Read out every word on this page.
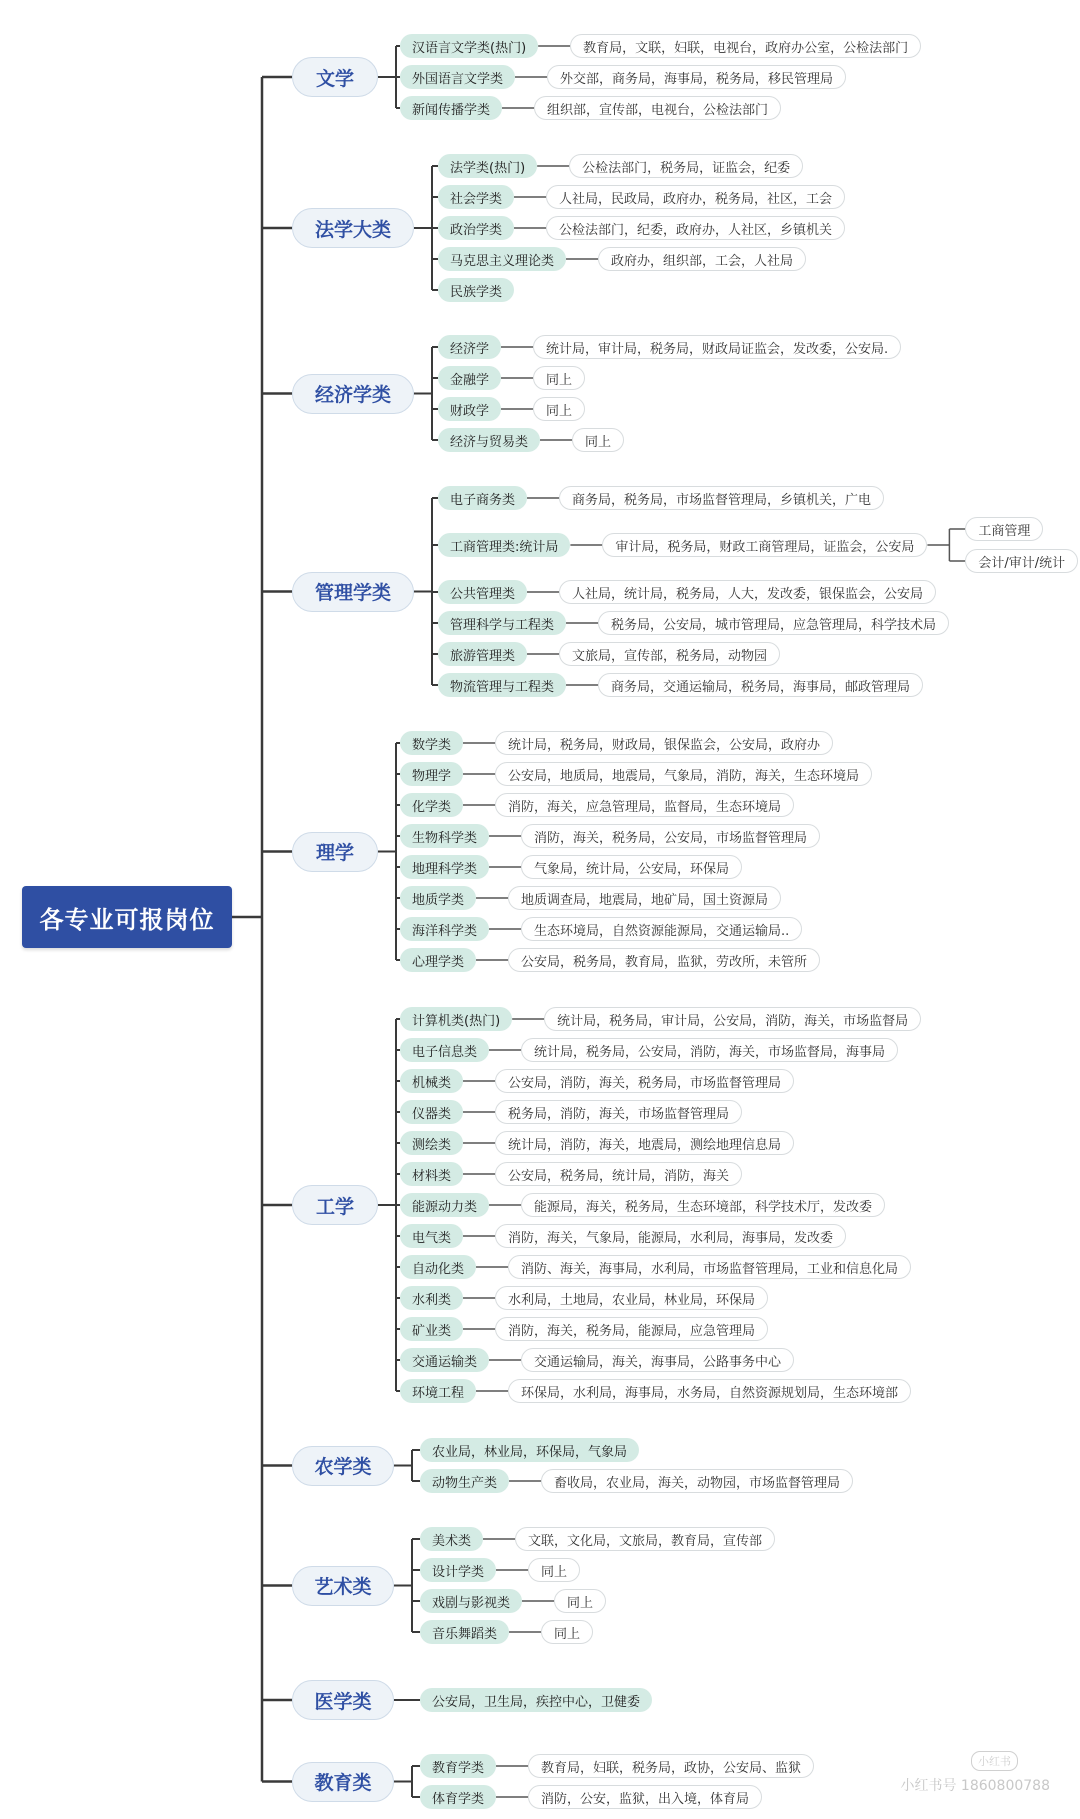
各专业可报岗位
文学
汉语言文学类(热门)	教育局，文联，妇联，电视台，政府办公室，公检法部门
外国语言文学类	外交部，商务局，海事局，税务局，移民管理局
新闻传播学类	组织部，宣传部，电视台，公检法部门
法学大类
法学类(热门)	公检法部门，税务局，证监会，纪委
社会学类	人社局，民政局，政府办，税务局，社区，工会
政治学类	公检法部门，纪委，政府办，人社区，乡镇机关
马克思主义理论类	政府办，组织部，工会，人社局
民族学类
经济学类
经济学	统计局，审计局，税务局，财政局证监会，发改委，公安局.
金融学	同上
财政学	同上
经济与贸易类	同上
管理学类
电子商务类	商务局，税务局，市场监督管理局，乡镇机关，广电
工商管理类:统计局	审计局，税务局，财政工商管理局，证监会，公安局
工商管理
会计/审计/统计
公共管理类	人社局，统计局，税务局，人大，发改委，银保监会，公安局
管理科学与工程类	税务局，公安局，城市管理局，应急管理局，科学技术局
旅游管理类	文旅局，宣传部，税务局，动物园
物流管理与工程类	商务局，交通运输局，税务局，海事局，邮政管理局
理学
数学类	统计局，税务局，财政局，银保监会，公安局，政府办
物理学	公安局，地质局，地震局，气象局，消防，海关，生态环境局
化学类	消防，海关，应急管理局，监督局，生态环境局
生物科学类	消防，海关，税务局，公安局，市场监督管理局
地理科学类	气象局，统计局，公安局，环保局
地质学类	地质调查局，地震局，地矿局，国土资源局
海洋科学类	生态环境局，自然资源能源局，交通运输局..
心理学类	公安局，税务局，教育局，监狱，劳改所，未管所
工学
计算机类(热门)	统计局，税务局，审计局，公安局，消防，海关，市场监督局
电子信息类	统计局，税务局，公安局，消防，海关，市场监督局，海事局
机械类	公安局，消防，海关，税务局，市场监督管理局
仪器类	税务局，消防，海关，市场监督管理局
测绘类	统计局，消防，海关，地震局，测绘地理信息局
材料类	公安局，税务局，统计局，消防，海关
能源动力类	能源局，海关，税务局，生态环境部，科学技术厅，发改委
电气类	消防，海关，气象局，能源局，水利局，海事局，发改委
自动化类	消防、海关，海事局，水利局，市场监督管理局，工业和信息化局
水利类	水利局，土地局，农业局，林业局，环保局
矿业类	消防，海关，税务局，能源局，应急管理局
交通运输类	交通运输局，海关，海事局，公路事务中心
环境工程	环保局，水利局，海事局，水务局，自然资源规划局，生态环境部
农学类
农业局，林业局，环保局，气象局
动物生产类	畜收局，农业局，海关，动物园，市场监督管理局
艺术类
美术类	文联，文化局，文旅局，教育局，宣传部
设计学类	同上
戏剧与影视类	同上
音乐舞蹈类	同上
医学类	公安局，卫生局，疾控中心，卫健委
教育类
教育学类	教育局，妇联，税务局，政协，公安局、监狱
体育学类	消防，公安，监狱，出入境，体育局
小红书
小红书号 1860800788
